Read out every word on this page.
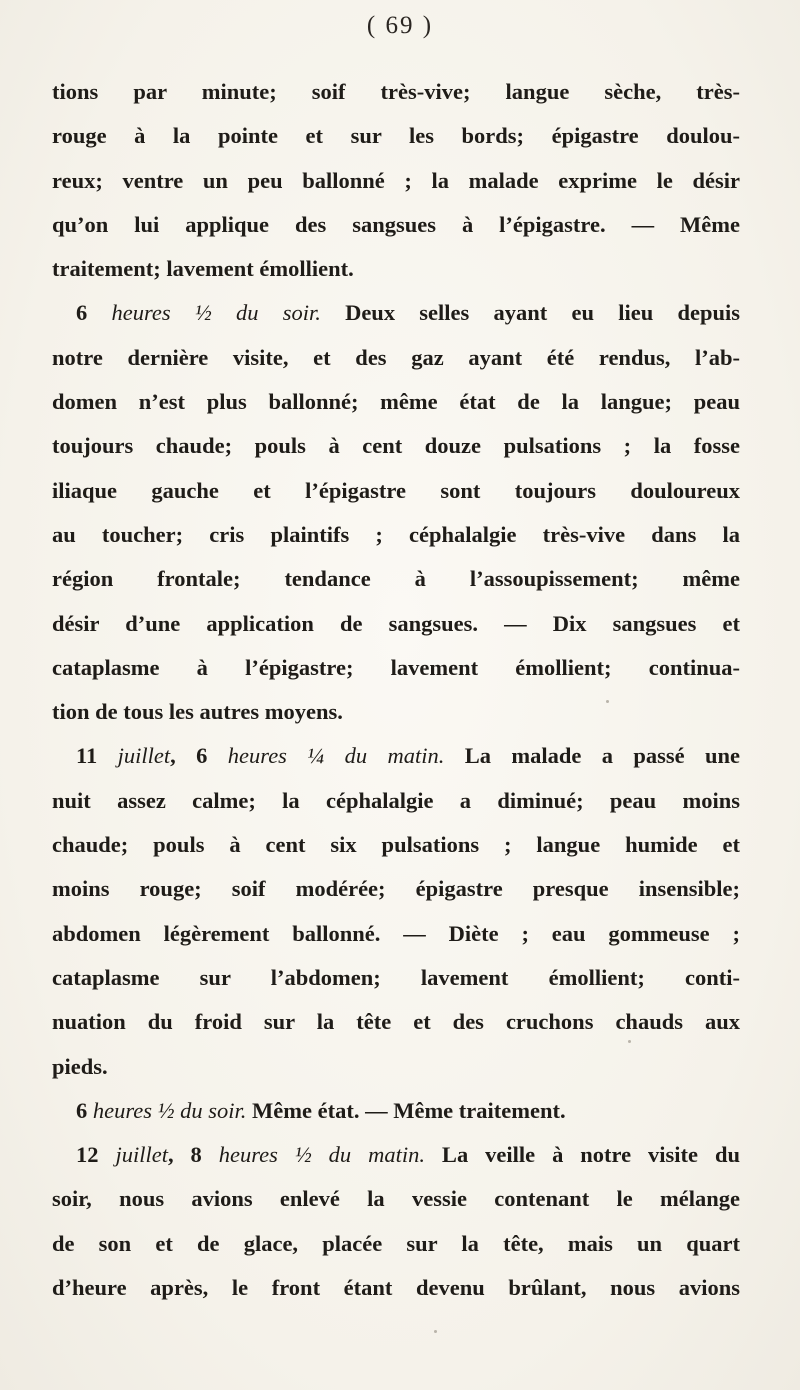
( 69 )
tions par minute; soif très-vive; langue sèche, très-
rouge à la pointe et sur les bords; épigastre doulou-
reux; ventre un peu ballonné ; la malade exprime le désir
qu’on lui applique des sangsues à l’épigastre. — Même
traitement; lavement émollient.
6 heures ½ du soir. Deux selles ayant eu lieu depuis
notre dernière visite, et des gaz ayant été rendus, l’ab-
domen n’est plus ballonné; même état de la langue; peau
toujours chaude; pouls à cent douze pulsations ; la fosse
iliaque gauche et l’épigastre sont toujours douloureux
au toucher; cris plaintifs ; céphalalgie très-vive dans la
région frontale; tendance à l’assoupissement; même
désir d’une application de sangsues. — Dix sangsues et
cataplasme à l’épigastre; lavement émollient; continua-
tion de tous les autres moyens.
11 juillet, 6 heures ¼ du matin. La malade a passé une
nuit assez calme; la céphalalgie a diminué; peau moins
chaude; pouls à cent six pulsations ; langue humide et
moins rouge; soif modérée; épigastre presque insensible;
abdomen légèrement ballonné. — Diète ; eau gommeuse ;
cataplasme sur l’abdomen; lavement émollient; conti-
nuation du froid sur la tête et des cruchons chauds aux
pieds.
6 heures ½ du soir. Même état. — Même traitement.
12 juillet, 8 heures ½ du matin. La veille à notre visite du
soir, nous avions enlevé la vessie contenant le mélange
de son et de glace, placée sur la tête, mais un quart
d’heure après, le front étant devenu brûlant, nous avions
